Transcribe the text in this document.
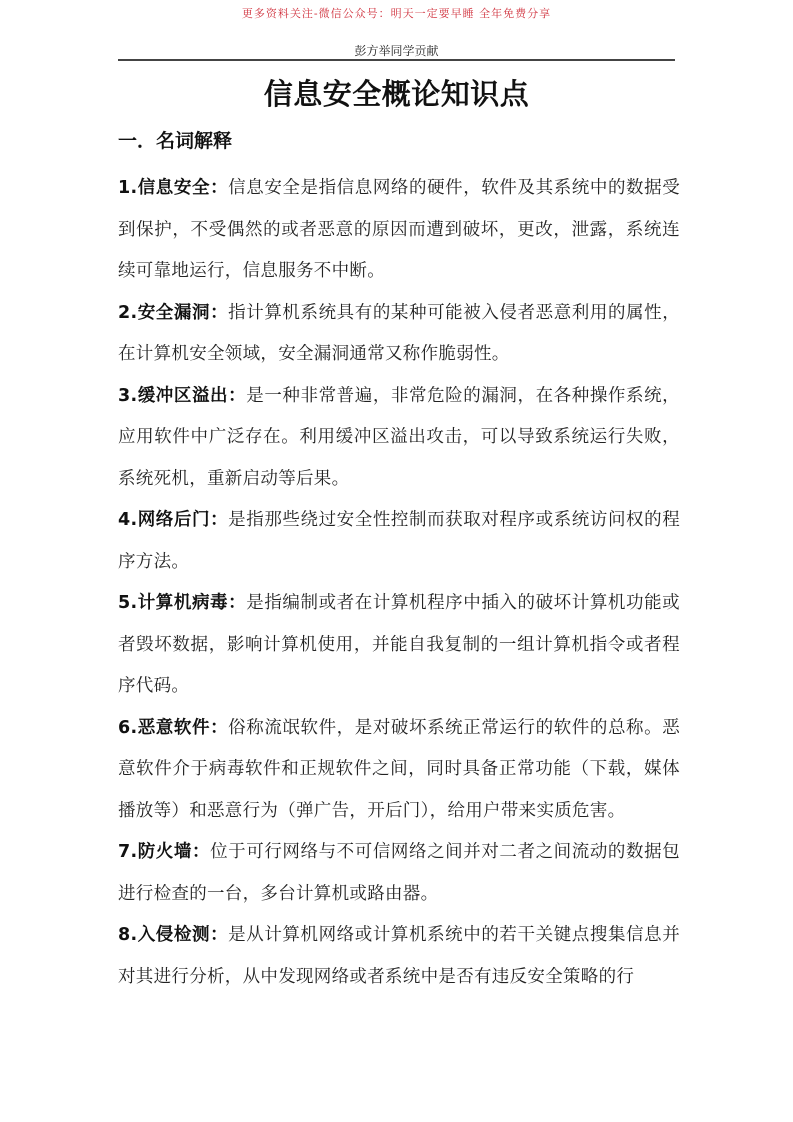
更多资料关注-微信公众号：明天一定要早睡 全年免费分享
彭方举同学贡献
信息安全概论知识点
一．名词解释

1.信息安全：信息安全是指信息网络的硬件，软件及其系统中的数据受到保护，不受偶然的或者恶意的原因而遭到破坏，更改，泄露，系统连续可靠地运行，信息服务不中断。

2.安全漏洞：指计算机系统具有的某种可能被入侵者恶意利用的属性，在计算机安全领域，安全漏洞通常又称作脆弱性。

3.缓冲区溢出：是一种非常普遍，非常危险的漏洞，在各种操作系统，应用软件中广泛存在。利用缓冲区溢出攻击，可以导致系统运行失败，系统死机，重新启动等后果。

4.网络后门：是指那些绕过安全性控制而获取对程序或系统访问权的程序方法。

5.计算机病毒：是指编制或者在计算机程序中插入的破坏计算机功能或者毁坏数据，影响计算机使用，并能自我复制的一组计算机指令或者程序代码。

6.恶意软件：俗称流氓软件，是对破坏系统正常运行的软件的总称。恶意软件介于病毒软件和正规软件之间，同时具备正常功能（下载，媒体播放等）和恶意行为（弹广告，开后门），给用户带来实质危害。

7.防火墙：位于可行网络与不可信网络之间并对二者之间流动的数据包进行检查的一台，多台计算机或路由器。

8.入侵检测：是从计算机网络或计算机系统中的若干关键点搜集信息并对其进行分析，从中发现网络或者系统中是否有违反安全策略的行
